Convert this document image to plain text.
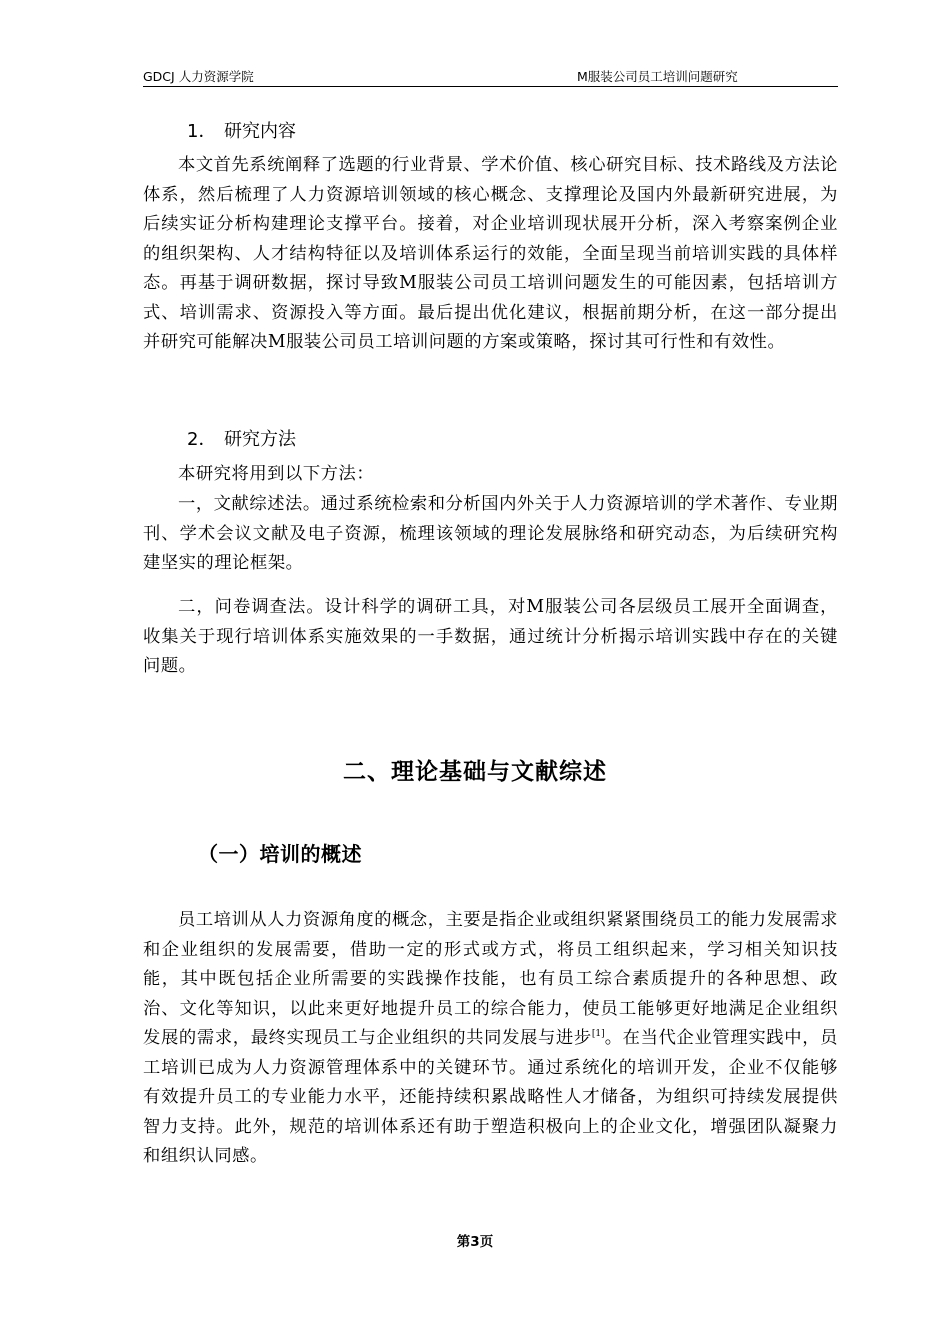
GDCJ 人力资源学院	M服装公司员工培训问题研究
1． 研究内容

本文首先系统阐释了选题的行业背景、学术价值、核心研究目标、技术路线及方法论体系，然后梳理了人力资源培训领域的核心概念、支撑理论及国内外最新研究进展，为后续实证分析构建理论支撑平台。接着，对企业培训现状展开分析，深入考察案例企业的组织架构、人才结构特征以及培训体系运行的效能，全面呈现当前培训实践的具体样态。再基于调研数据，探讨导致M服装公司员工培训问题发生的可能因素，包括培训方式、培训需求、资源投入等方面。最后提出优化建议，根据前期分析，在这一部分提出并研究可能解决M服装公司员工培训问题的方案或策略，探讨其可行性和有效性。

2． 研究方法

本研究将用到以下方法：

一，文献综述法。通过系统检索和分析国内外关于人力资源培训的学术著作、专业期刊、学术会议文献及电子资源，梳理该领域的理论发展脉络和研究动态，为后续研究构建坚实的理论框架。

二，问卷调查法。设计科学的调研工具，对M服装公司各层级员工展开全面调查，收集关于现行培训体系实施效果的一手数据，通过统计分析揭示培训实践中存在的关键问题。

二、理论基础与文献综述
（一）培训的概述

员工培训从人力资源角度的概念，主要是指企业或组织紧紧围绕员工的能力发展需求和企业组织的发展需要，借助一定的形式或方式，将员工组织起来，学习相关知识技能，其中既包括企业所需要的实践操作技能，也有员工综合素质提升的各种思想、政治、文化等知识，以此来更好地提升员工的综合能力，使员工能够更好地满足企业组织发展的需求，最终实现员工与企业组织的共同发展与进步[1]。在当代企业管理实践中，员工培训已成为人力资源管理体系中的关键环节。通过系统化的培训开发，企业不仅能够有效提升员工的专业能力水平，还能持续积累战略性人才储备，为组织可持续发展提供智力支持。此外，规范的培训体系还有助于塑造积极向上的企业文化，增强团队凝聚力和组织认同感。

第3页
